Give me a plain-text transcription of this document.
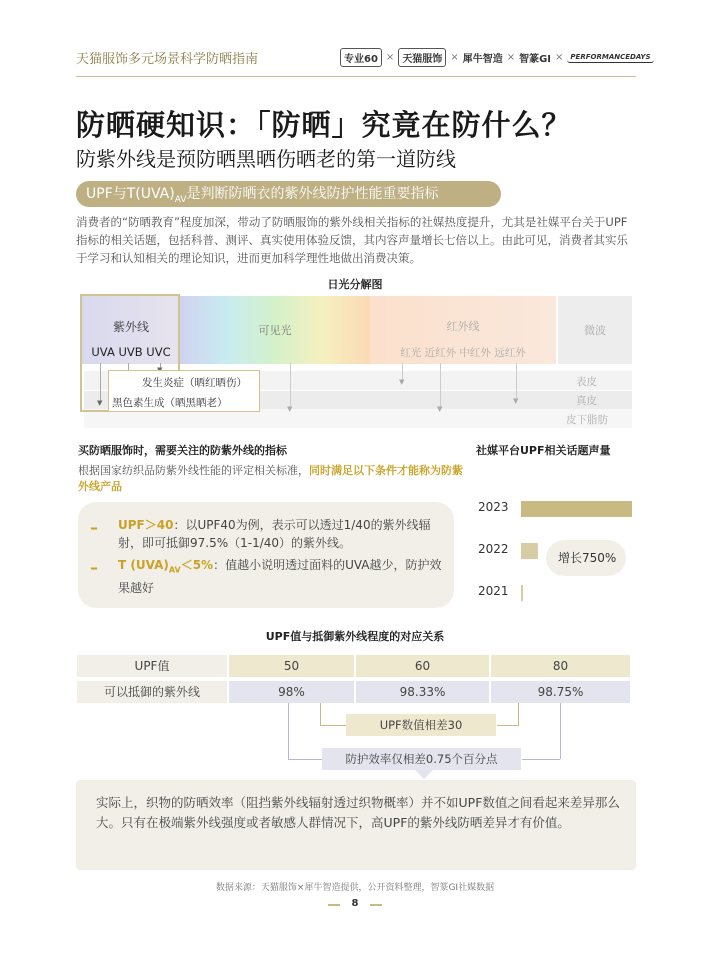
天猫服饰多元场景科学防晒指南	专业60 × 天猫服饰 × 犀牛智造 × 智篆GI ×	PERFORMANCEDAYS
防晒硬知识：「防晒」究竟在防什么？
防紫外线是预防晒黑晒伤晒老的第一道防线
UPF与$T(UVA)_{AV}$是判断防晒衣的紫外线防护性能重要指标
消费者的“防晒教育”程度加深，带动了防晒服饰的紫外线相关指标的社媒热度提升，尤其是社媒平台关于UPF指标的相关话题，包括科普、测评、真实使用体验反馈，其内容声量增长七倍以上。由此可见，消费者其实乐于学习和认知相关的理论知识，进而更加科学理性地做出消费决策。
日光分解图
紫外线
UVA UVB UVC
可见光	红外线
红光 近红外 中红外 远红外
微波
▼
发生炎症（晒红晒伤）
黑色素生成（晒黑晒老）	▼
▼
▼
▼
表皮
真皮
皮下脂肪
买防晒服饰时，需要关注的防紫外线的指标
根据国家纺织品防紫外线性能的评定相关标准，同时满足以下条件才能称为防紫外线产品
– UPF＞40：以UPF40为例，表示可以透过1/40的紫外线辐射，即可抵御97.5%（1-1/40）的紫外线。
– T $(UVA)_{AV}<5\%$：值越小说明透过面料的UVA越少，防护效果越好
社媒平台UPF相关话题声量
2023
2022
2021
增长750%
UPF值与抵御紫外线程度的对应关系
UPF值	50	60	80
可以抵御的紫外线	98%	98.33%	98.75%
UPF数值相差30
防护效率仅相差0.75个百分点
实际上，织物的防晒效率（阻挡紫外线辐射透过织物概率）并不如UPF数值之间看起来差异那么大。只有在极端紫外线强度或者敏感人群情况下，高UPF的紫外线防晒差异才有价值。
数据来源：天猫服饰×犀牛智造提供，公开资料整理，智篆GI社媒数据
8
